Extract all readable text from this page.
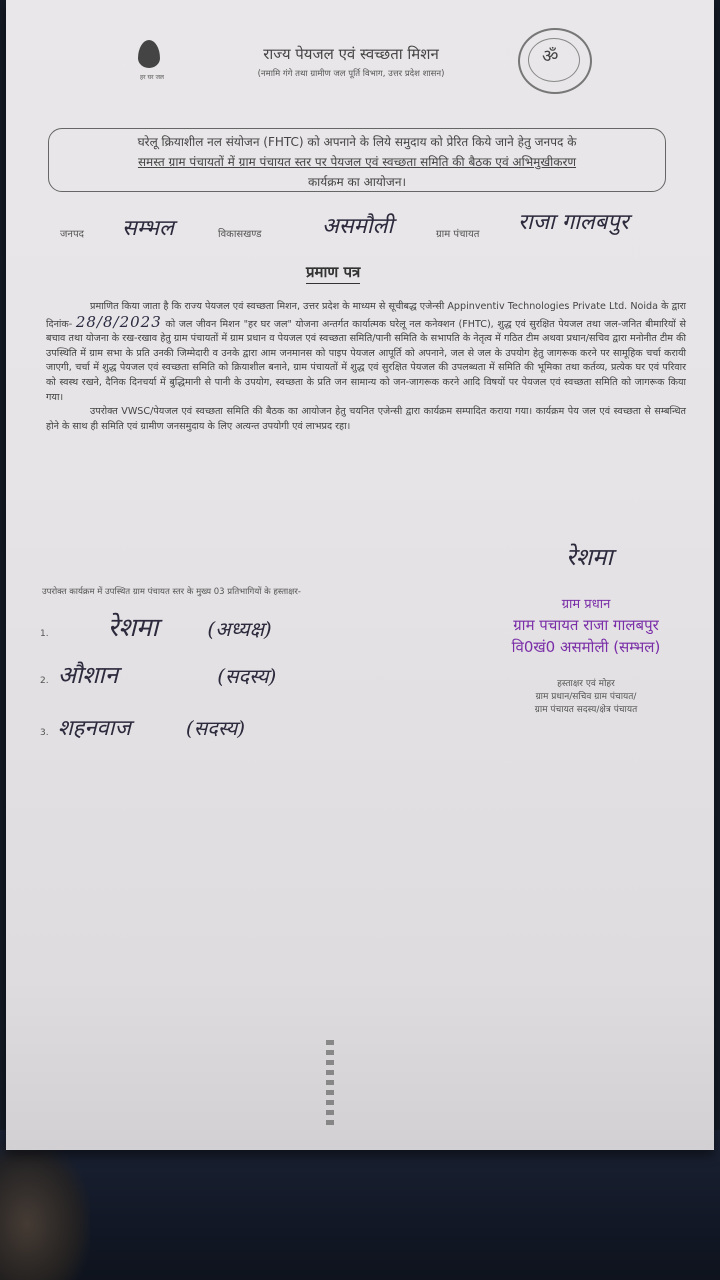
हर घर जल
राज्य पेयजल एवं स्वच्छता मिशन
(नमामि गंगे तथा ग्रामीण जल पूर्ति विभाग, उत्तर प्रदेश शासन)
ॐ

घरेलू क्रियाशील नल संयोजन (FHTC) को अपनाने के लिये समुदाय को प्रेरित किये जाने हेतु जनपद के

समस्त ग्राम पंचायतों में ग्राम पंचायत स्तर पर पेयजल एवं स्वच्छता समिति की बैठक एवं अभिमुखीकरण

कार्यक्रम का आयोजन।

जनपद सम्भल	विकासखण्ड	असमौली	ग्राम पंचायत राजा गालबपुर
प्रमाण पत्र

प्रमाणित किया जाता है कि राज्य पेयजल एवं स्वच्छता मिशन, उत्तर प्रदेश के माध्यम से सूचीबद्ध एजेन्सी Appinventiv Technologies Private Ltd. Noida के द्वारा दिनांक- 28/8/2023 को जल जीवन मिशन "हर घर जल" योजना अन्तर्गत कार्यात्मक घरेलू नल कनेक्शन (FHTC), शुद्ध एवं सुरक्षित पेयजल तथा जल-जनित बीमारियों से बचाव तथा योजना के रख-रखाव हेतु ग्राम पंचायतों में ग्राम प्रधान व पेयजल एवं स्वच्छता समिति/पानी समिति के सभापति के नेतृत्व में गठित टीम अथवा प्रधान/सचिव द्वारा मनोनीत टीम की उपस्थिति में ग्राम सभा के प्रति उनकी जिम्मेदारी व उनके द्वारा आम जनमानस को पाइप पेयजल आपूर्ति को अपनाने, जल से जल के उपयोग हेतु जागरूक करने पर सामूहिक चर्चा करायी जाएगी, चर्चा में शुद्ध पेयजल एवं स्वच्छता समिति को क्रियाशील बनाने, ग्राम पंचायतों में शुद्ध एवं सुरक्षित पेयजल की उपलब्धता में समिति की भूमिका तथा कर्तव्य, प्रत्येक घर एवं परिवार को स्वस्थ रखने, दैनिक दिनचर्या में बुद्धिमानी से पानी के उपयोग, स्वच्छता के प्रति जन सामान्य को जन-जागरूक करने आदि विषयों पर पेयजल एवं स्वच्छता समिति को जागरूक किया गया।

उपरोक्त VWSC/पेयजल एवं स्वच्छता समिति की बैठक का आयोजन हेतु चयनित एजेन्सी द्वारा कार्यक्रम सम्पादित कराया गया। कार्यक्रम पेय जल एवं स्वच्छता से सम्बन्धित होने के साथ ही समिति एवं ग्रामीण जनसमुदाय के लिए अत्यन्त उपयोगी एवं लाभप्रद रहा।

रेशमा
ग्राम प्रधान
ग्राम पचायत राजा गालबपुर
वि0खं0 असमोली (सम्भल)
हस्ताक्षर एवं मोहर
ग्राम प्रधान/सचिव ग्राम पंचायत/
ग्राम पंचायत सदस्य/क्षेत्र पंचायत
उपरोक्त कार्यक्रम में उपस्थित ग्राम पंचायत स्तर के मुख्य 03 प्रतिभागियों के हस्ताक्षर-
1. रेशमा (अध्यक्ष)
2. औशान	(सदस्य)
3. शहनवाज	(सदस्य)
